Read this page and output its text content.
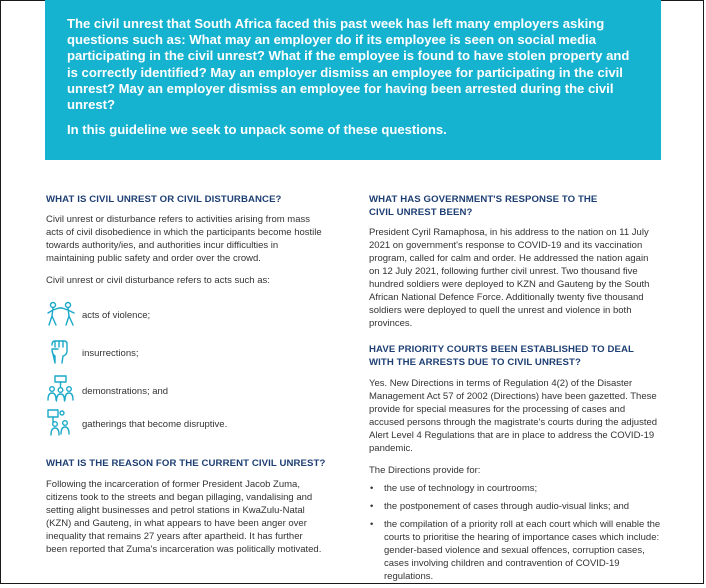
The civil unrest that South Africa faced this past week has left many employers asking questions such as: What may an employer do if its employee is seen on social media participating in the civil unrest? What if the employee is found to have stolen property and is correctly identified? May an employer dismiss an employee for participating in the civil unrest? May an employer dismiss an employee for having been arrested during the civil unrest?

In this guideline we seek to unpack some of these questions.

WHAT IS CIVIL UNREST OR CIVIL DISTURBANCE?

Civil unrest or disturbance refers to activities arising from mass acts of civil disobedience in which the participants become hostile towards authority/ies, and authorities incur difficulties in maintaining public safety and order over the crowd.

Civil unrest or civil disturbance refers to acts such as:

acts of violence;
insurrections;
demonstrations; and
gatherings that become disruptive.
WHAT IS THE REASON FOR THE CURRENT CIVIL UNREST?

Following the incarceration of former President Jacob Zuma, citizens took to the streets and began pillaging, vandalising and setting alight businesses and petrol stations in KwaZulu-Natal (KZN) and Gauteng, in what appears to have been anger over inequality that remains 27 years after apartheid. It has further been reported that Zuma's incarceration was politically motivated.

WHAT HAS GOVERNMENT'S RESPONSE TO THE CIVIL UNREST BEEN?

President Cyril Ramaphosa, in his address to the nation on 11 July 2021 on government's response to COVID-19 and its vaccination program, called for calm and order. He addressed the nation again on 12 July 2021, following further civil unrest. Two thousand five hundred soldiers were deployed to KZN and Gauteng by the South African National Defence Force. Additionally twenty five thousand soldiers were deployed to quell the unrest and violence in both provinces.

HAVE PRIORITY COURTS BEEN ESTABLISHED TO DEAL WITH THE ARRESTS DUE TO CIVIL UNREST?

Yes. New Directions in terms of Regulation 4(2) of the Disaster Management Act 57 of 2002 (Directions) have been gazetted. These provide for special measures for the processing of cases and accused persons through the magistrate's courts during the adjusted Alert Level 4 Regulations that are in place to address the COVID-19 pandemic.

The Directions provide for:

• the use of technology in courtrooms;
• the postponement of cases through audio-visual links; and
• the compilation of a priority roll at each court which will enable the courts to prioritise the hearing of importance cases which include: gender-based violence and sexual offences, corruption cases, cases involving children and contravention of COVID-19 regulations.
